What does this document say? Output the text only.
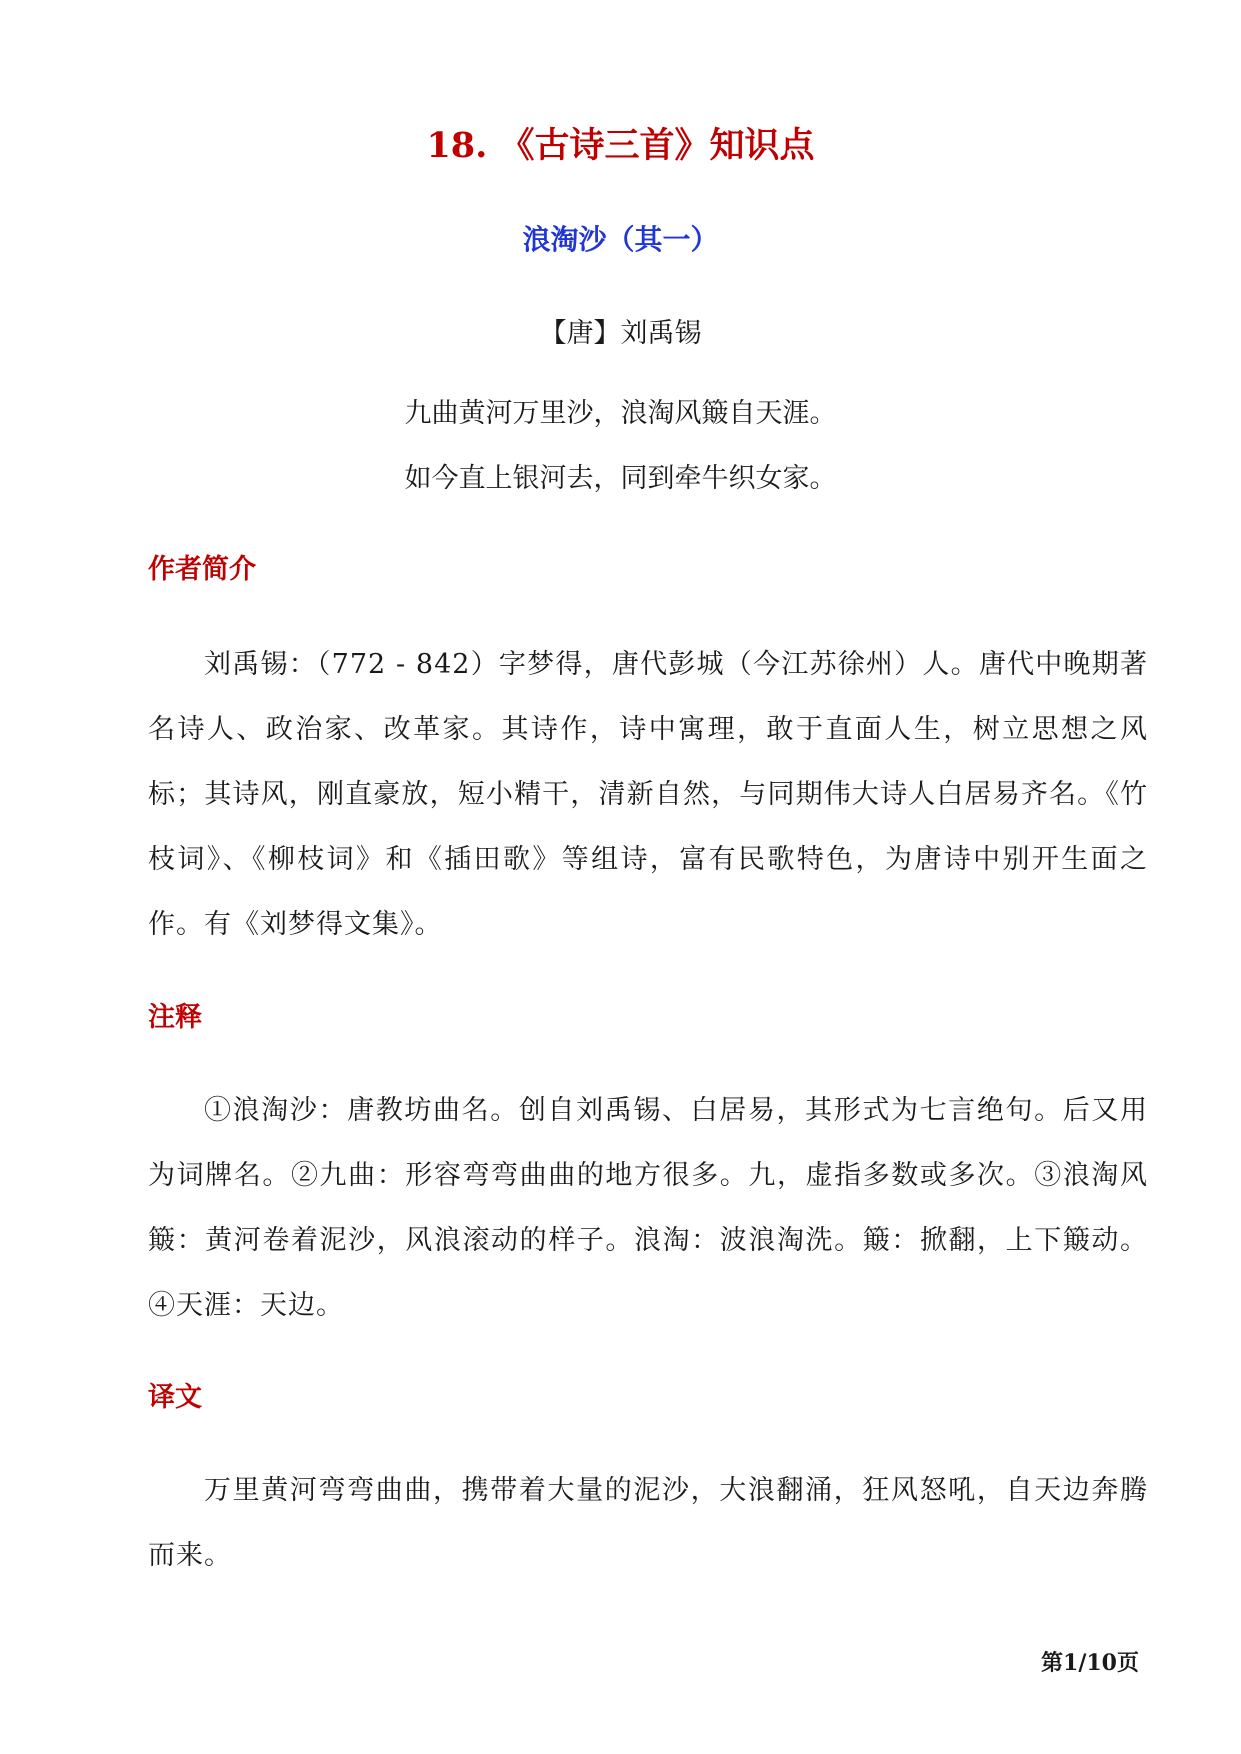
18. 《古诗三首》知识点
浪淘沙（其一）
【唐】刘禹锡
九曲黄河万里沙，浪淘风簸自天涯。
如今直上银河去，同到牵牛织女家。
作者简介
刘禹锡：（772 - 842）字梦得，唐代彭城（今江苏徐州）人。唐代中晚期著名诗人、政治家、改革家。其诗作，诗中寓理，敢于直面人生，树立思想之风标；其诗风，刚直豪放，短小精干，清新自然，与同期伟大诗人白居易齐名。《竹枝词》、《柳枝词》和《插田歌》等组诗，富有民歌特色，为唐诗中别开生面之作。有《刘梦得文集》。
注释
①浪淘沙：唐教坊曲名。创自刘禹锡、白居易，其形式为七言绝句。后又用为词牌名。②九曲：形容弯弯曲曲的地方很多。九，虚指多数或多次。③浪淘风簸：黄河卷着泥沙，风浪滚动的样子。浪淘：波浪淘洗。簸：掀翻，上下簸动。④天涯：天边。
译文
万里黄河弯弯曲曲，携带着大量的泥沙，大浪翻涌，狂风怒吼，自天边奔腾而来。
第1/10页
